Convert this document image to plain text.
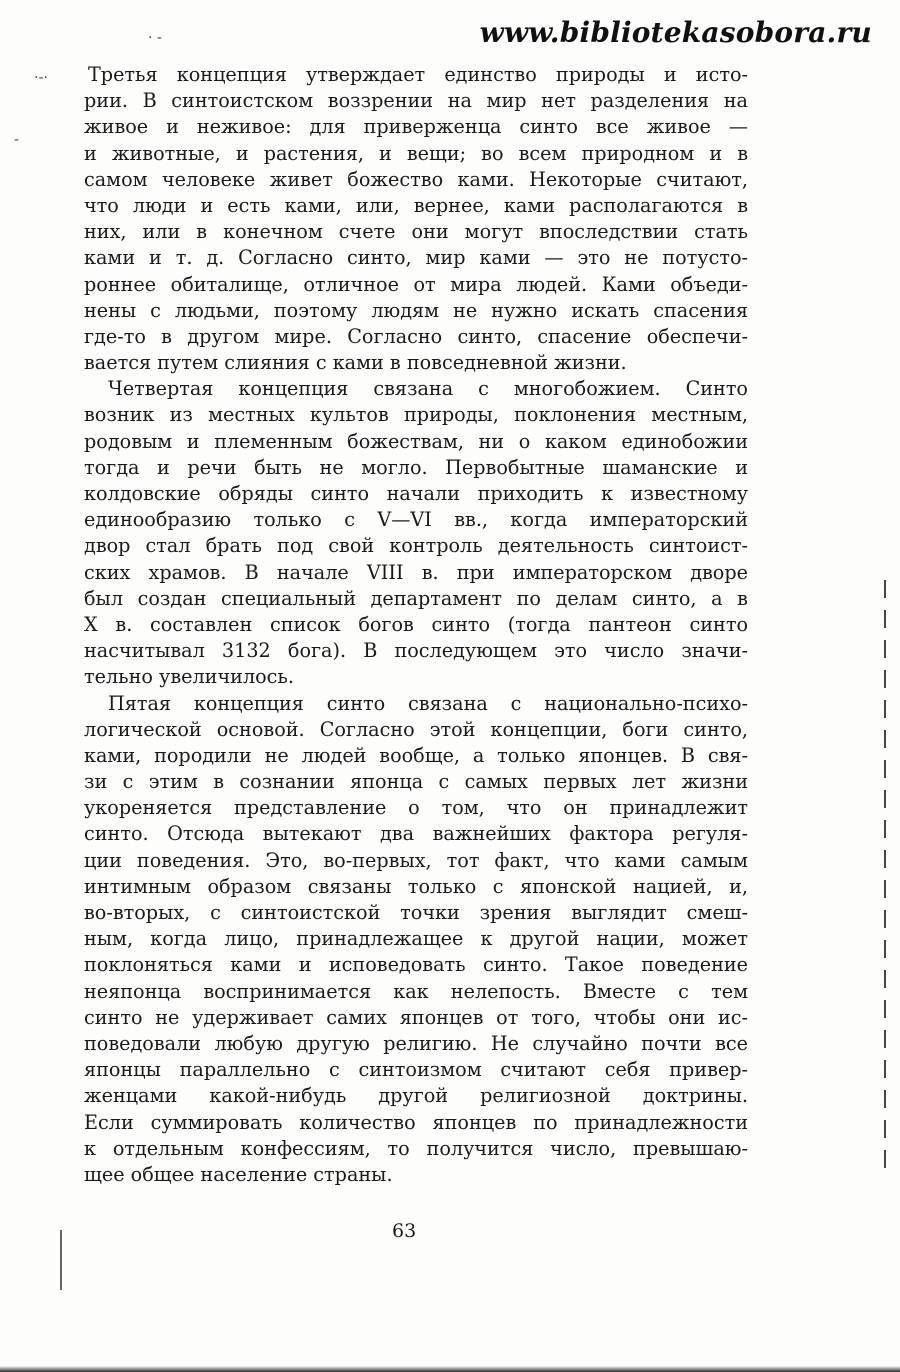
www.bibliotekasobora.ru
·-·
-
· -
Третья концепция утверждает единство природы и исто-
рии. В синтоистском воззрении на мир нет разделения на
живое и неживое: для приверженца синто все живое —
и животные, и растения, и вещи; во всем природном и в
самом человеке живет божество ками. Некоторые считают,
что люди и есть ками, или, вернее, ками располагаются в
них, или в конечном счете они могут впоследствии стать
ками и т. д. Согласно синто, мир ками — это не потусто-
роннее обиталище, отличное от мира людей. Ками объеди-
нены с людьми, поэтому людям не нужно искать спасения
где-то в другом мире. Согласно синто, спасение обеспечи-
вается путем слияния с ками в повседневной жизни.
Четвертая концепция связана с многобожием. Синто
возник из местных культов природы, поклонения местным,
родовым и племенным божествам, ни о каком единобожии
тогда и речи быть не могло. Первобытные шаманские и
колдовские обряды синто начали приходить к известному
единообразию только с V—VI вв., когда императорский
двор стал брать под свой контроль деятельность синтоист-
ских храмов. В начале VIII в. при императорском дворе
был создан специальный департамент по делам синто, а в
X в. составлен список богов синто (тогда пантеон синто
насчитывал 3132 бога). В последующем это число значи-
тельно увеличилось.
Пятая концепция синто связана с национально-психо-
логической основой. Согласно этой концепции, боги синто,
ками, породили не людей вообще, а только японцев. В свя-
зи с этим в сознании японца с самых первых лет жизни
укореняется представление о том, что он принадлежит
синто. Отсюда вытекают два важнейших фактора регуля-
ции поведения. Это, во-первых, тот факт, что ками самым
интимным образом связаны только с японской нацией, и,
во-вторых, с синтоистской точки зрения выглядит смеш-
ным, когда лицо, принадлежащее к другой нации, может
поклоняться ками и исповедовать синто. Такое поведение
неяпонца воспринимается как нелепость. Вместе с тем
синто не удерживает самих японцев от того, чтобы они ис-
поведовали любую другую религию. Не случайно почти все
японцы параллельно с синтоизмом считают себя привер-
женцами какой-нибудь другой религиозной доктрины.
Если суммировать количество японцев по принадлежности
к отдельным конфессиям, то получится число, превышаю-
щее общее население страны.
63
